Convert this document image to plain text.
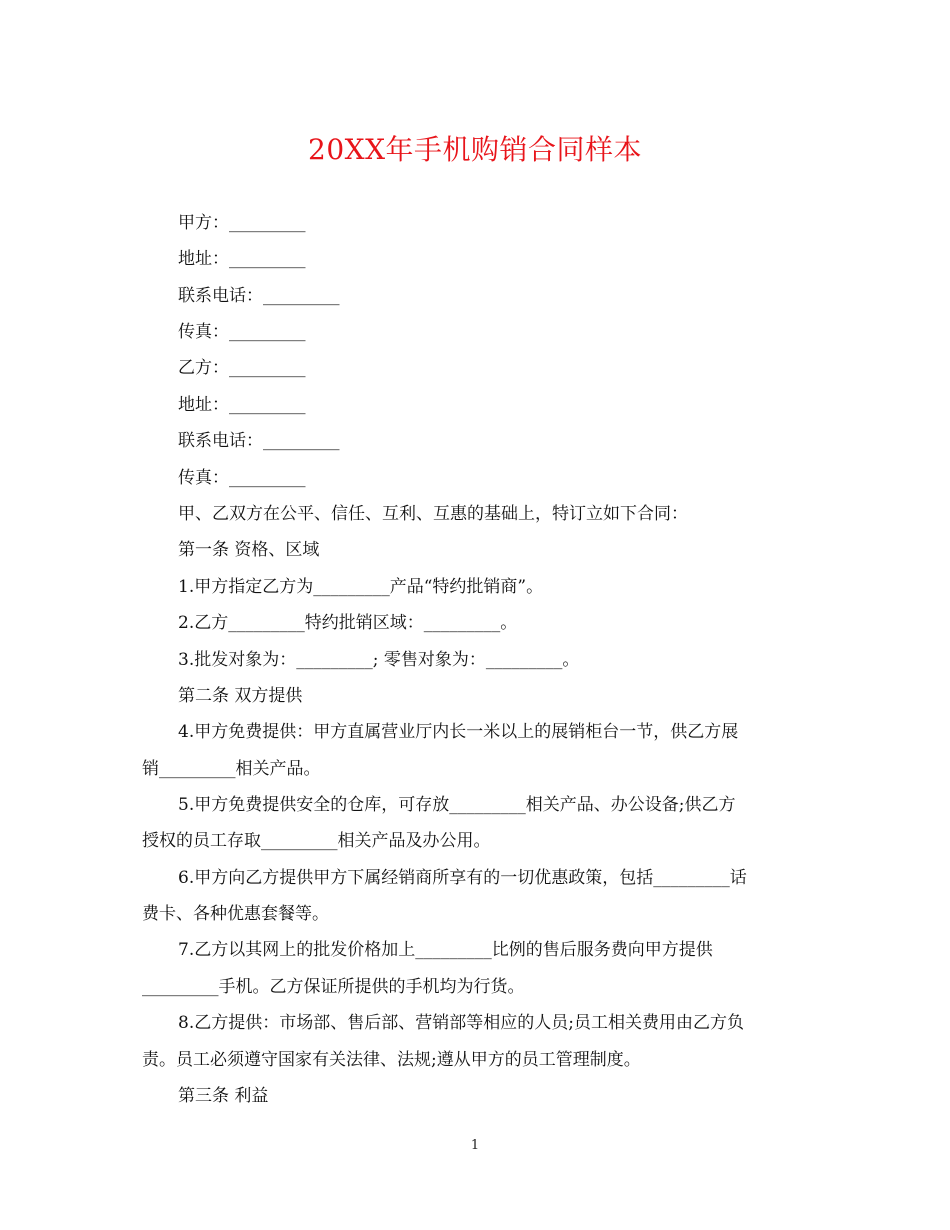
20XX年手机购销合同样本
甲方：_________
地址：_________
联系电话：_________
传真：_________
乙方：_________
地址：_________
联系电话：_________
传真：_________
甲、乙双方在公平、信任、互利、互惠的基础上，特订立如下合同：
第一条 资格、区域
1.甲方指定乙方为_________产品“特约批销商”。
2.乙方_________特约批销区域：_________。
3.批发对象为：_________; 零售对象为：_________。
第二条 双方提供
4.甲方免费提供：甲方直属营业厅内长一米以上的展销柜台一节，供乙方展
销_________相关产品。
5.甲方免费提供安全的仓库，可存放_________相关产品、办公设备;供乙方
授权的员工存取_________相关产品及办公用。
6.甲方向乙方提供甲方下属经销商所享有的一切优惠政策，包括_________话
费卡、各种优惠套餐等。
7.乙方以其网上的批发价格加上_________比例的售后服务费向甲方提供
_________手机。乙方保证所提供的手机均为行货。
8.乙方提供：市场部、售后部、营销部等相应的人员;员工相关费用由乙方负
责。员工必须遵守国家有关法律、法规;遵从甲方的员工管理制度。
第三条 利益
1
